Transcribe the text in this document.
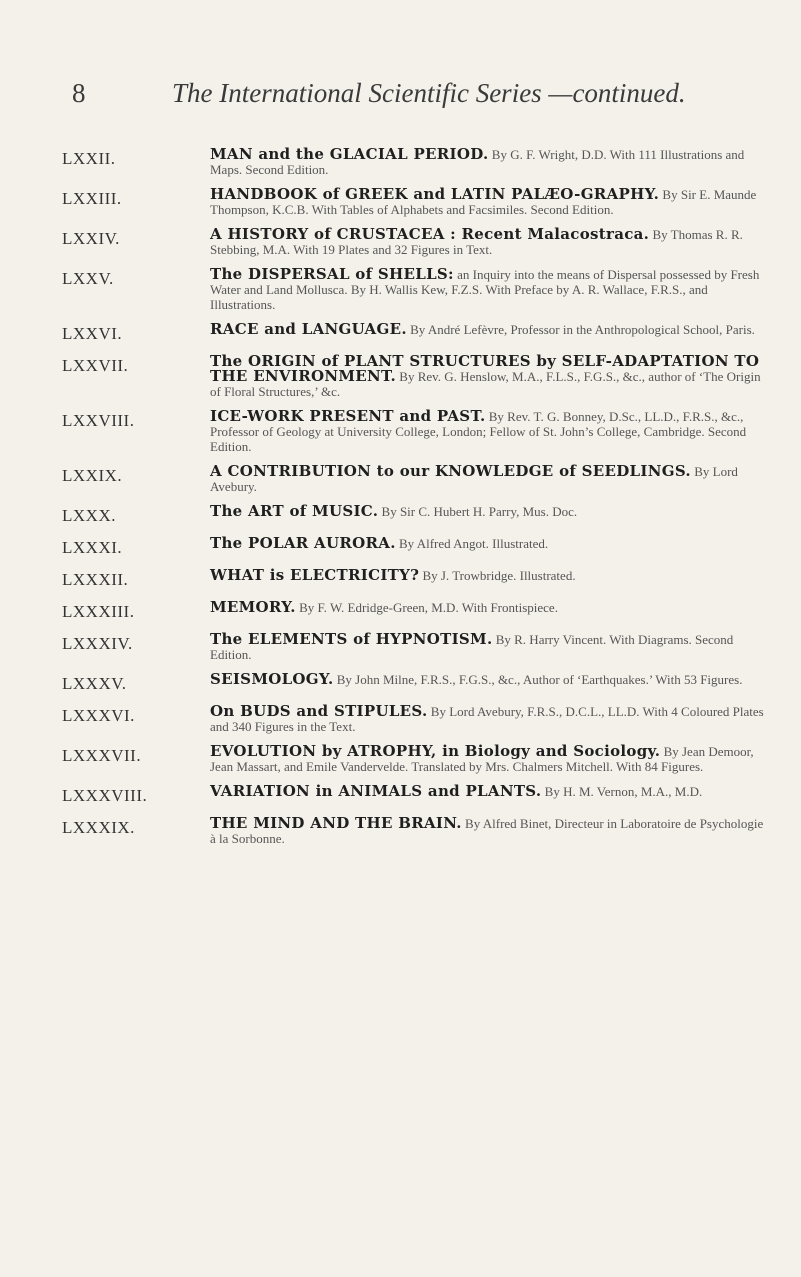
8	The International Scientific Series —continued.
LXXII.	MAN and the GLACIAL PERIOD. By G. F. Wright, D.D. With 111 Illustrations and Maps. Second Edition.
LXXIII.	HANDBOOK of GREEK and LATIN PALÆO-GRAPHY. By Sir E. Maunde Thompson, K.C.B. With Tables of Alphabets and Facsimiles. Second Edition.
LXXIV.	A HISTORY of CRUSTACEA : Recent Malacostraca. By Thomas R. R. Stebbing, M.A. With 19 Plates and 32 Figures in Text.
LXXV.	The DISPERSAL of SHELLS: an Inquiry into the means of Dispersal possessed by Fresh Water and Land Mollusca. By H. Wallis Kew, F.Z.S. With Preface by A. R. Wallace, F.R.S., and Illustrations.
LXXVI.	RACE and LANGUAGE. By André Lefèvre, Professor in the Anthropological School, Paris.
LXXVII.	The ORIGIN of PLANT STRUCTURES by SELF-ADAPTATION TO THE ENVIRONMENT. By Rev. G. Henslow, M.A., F.L.S., F.G.S., &c., author of ‘The Origin of Floral Structures,’ &c.
LXXVIII.	ICE-WORK PRESENT and PAST. By Rev. T. G. Bonney, D.Sc., LL.D., F.R.S., &c., Professor of Geology at University College, London; Fellow of St. John’s College, Cambridge. Second Edition.
LXXIX.	A CONTRIBUTION to our KNOWLEDGE of SEEDLINGS. By Lord Avebury.
LXXX.	The ART of MUSIC. By Sir C. Hubert H. Parry, Mus. Doc.
LXXXI.	The POLAR AURORA. By Alfred Angot. Illustrated.
LXXXII.	WHAT is ELECTRICITY? By J. Trowbridge. Illustrated.
LXXXIII.	MEMORY. By F. W. Edridge-Green, M.D. With Frontispiece.
LXXXIV.	The ELEMENTS of HYPNOTISM. By R. Harry Vincent. With Diagrams. Second Edition.
LXXXV.	SEISMOLOGY. By John Milne, F.R.S., F.G.S., &c., Author of ‘Earthquakes.’ With 53 Figures.
LXXXVI.	On BUDS and STIPULES. By Lord Avebury, F.R.S., D.C.L., LL.D. With 4 Coloured Plates and 340 Figures in the Text.
LXXXVII.	EVOLUTION by ATROPHY, in Biology and Sociology. By Jean Demoor, Jean Massart, and Emile Vandervelde. Translated by Mrs. Chalmers Mitchell. With 84 Figures.
LXXXVIII.	VARIATION in ANIMALS and PLANTS. By H. M. Vernon, M.A., M.D.
LXXXIX.	THE MIND AND THE BRAIN. By Alfred Binet, Directeur in Laboratoire de Psychologie à la Sorbonne.
